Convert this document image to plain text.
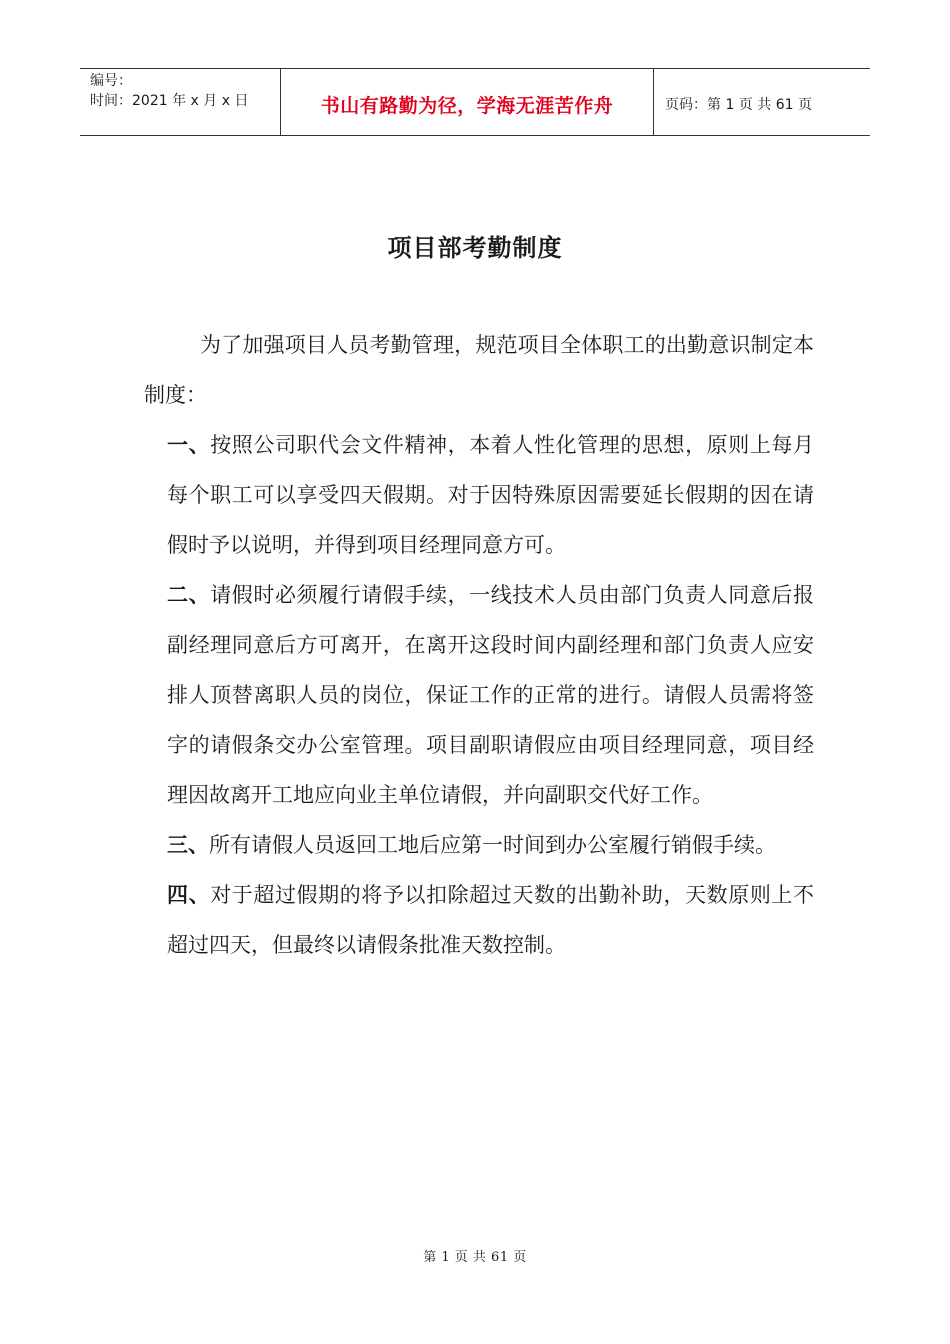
编号：
时间：2021 年 x 月 x 日	书山有路勤为径，学海无涯苦作舟	页码：第 1 页 共 61 页
项目部考勤制度

为了加强项目人员考勤管理，规范项目全体职工的出勤意识制定本制度：

一、按照公司职代会文件精神，本着人性化管理的思想，原则上每月每个职工可以享受四天假期。对于因特殊原因需要延长假期的因在请假时予以说明，并得到项目经理同意方可。

二、请假时必须履行请假手续，一线技术人员由部门负责人同意后报副经理同意后方可离开，在离开这段时间内副经理和部门负责人应安排人顶替离职人员的岗位，保证工作的正常的进行。请假人员需将签字的请假条交办公室管理。项目副职请假应由项目经理同意，项目经理因故离开工地应向业主单位请假，并向副职交代好工作。

三、所有请假人员返回工地后应第一时间到办公室履行销假手续。

四、对于超过假期的将予以扣除超过天数的出勤补助，天数原则上不超过四天，但最终以请假条批准天数控制。

第 1 页 共 61 页
